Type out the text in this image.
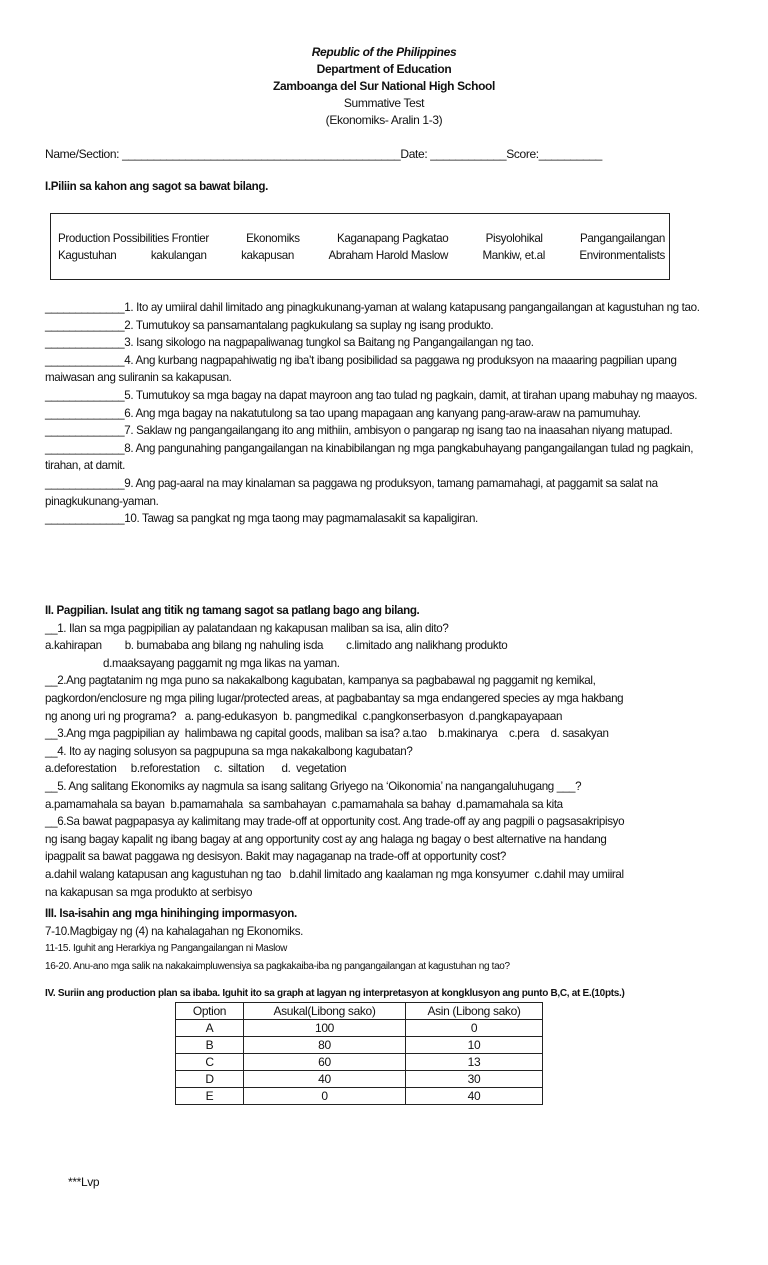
Republic of the Philippines
Department of Education
Zamboanga del Sur National High School
Summative Test
(Ekonomiks- Aralin 1-3)
Name/Section: ____________________________________________Date: ____________Score:__________
I.Piliin sa kahon ang sagot sa bawat bilang.
Production Possibilities Frontier	Ekonomiks	Kaganapang Pagkatao	Pisyolohikal	Pangangailangan
Kagustuhan	kakulangan	kakapusan	Abraham Harold Maslow	Mankiw, et.al	Environmentalists
_____________1. Ito ay umiiral dahil limitado ang pinagkukunang-yaman at walang katapusang pangangailangan at kagustuhan ng tao.
_____________2. Tumutukoy sa pansamantalang pagkukulang sa suplay ng isang produkto.
_____________3. Isang sikologo na nagpapaliwanag tungkol sa Baitang ng Pangangailangan ng tao.
_____________4. Ang kurbang nagpapahiwatig ng iba’t ibang posibilidad sa paggawa ng produksyon na maaaring pagpilian upang maiwasan ang suliranin sa kakapusan.
_____________5. Tumutukoy sa mga bagay na dapat mayroon ang tao tulad ng pagkain, damit, at tirahan upang mabuhay ng maayos.
_____________6. Ang mga bagay na nakatutulong sa tao upang mapagaan ang kanyang pang-araw-araw na pamumuhay.
_____________7. Saklaw ng pangangailangang ito ang mithiin, ambisyon o pangarap ng isang tao na inaasahan niyang matupad.
_____________8. Ang pangunahing pangangailangan na kinabibilangan ng mga pangkabuhayang pangangailangan tulad ng pagkain, tirahan, at damit.
_____________9. Ang pag-aaral na may kinalaman sa paggawa ng produksyon, tamang pamamahagi, at paggamit sa salat na pinagkukunang-yaman.
_____________10. Tawag sa pangkat ng mga taong may pagmamalasakit sa kapaligiran.
II. Pagpilian. Isulat ang titik ng tamang sagot sa patlang bago ang bilang.
__1. Ilan sa mga pagpipilian ay palatandaan ng kakapusan maliban sa isa, alin dito?
a.kahirapan        b. bumababa ang bilang ng nahuling isda        c.limitado ang nalikhang produkto
d.maaksayang paggamit ng mga likas na yaman.
__2.Ang pagtatanim ng mga puno sa nakakalbong kagubatan, kampanya sa pagbabawal ng paggamit ng kemikal,
pagkordon/enclosure ng mga piling lugar/protected areas, at pagbabantay sa mga endangered species ay mga hakbang
ng anong uri ng programa?   a. pang-edukasyon  b. pangmedikal  c.pangkonserbasyon  d.pangkapayapaan
__3.Ang mga pagpipilian ay  halimbawa ng capital goods, maliban sa isa? a.tao    b.makinarya    c.pera    d. sasakyan
__4. Ito ay naging solusyon sa pagpupuna sa mga nakakalbong kagubatan?
a.deforestation     b.reforestation     c.  siltation      d.  vegetation
__5. Ang salitang Ekonomiks ay nagmula sa isang salitang Griyego na ‘Oikonomia’ na nangangaluhugang ___?
a.pamamahala sa bayan  b.pamamahala  sa sambahayan  c.pamamahala sa bahay  d.pamamahala sa kita
__6.Sa bawat pagpapasya ay kalimitang may trade-off at opportunity cost. Ang trade-off ay ang pagpili o pagsasakripisyo
ng isang bagay kapalit ng ibang bagay at ang opportunity cost ay ang halaga ng bagay o best alternative na handang
ipagpalit sa bawat paggawa ng desisyon. Bakit may nagaganap na trade-off at opportunity cost?
a.dahil walang katapusan ang kagustuhan ng tao   b.dahil limitado ang kaalaman ng mga konsyumer  c.dahil may umiiral
na kakapusan sa mga produkto at serbisyo
III. Isa-isahin ang mga hinihinging impormasyon.
7-10.Magbigay ng (4) na kahalagahan ng Ekonomiks.
11-15. Iguhit ang Herarkiya ng Pangangailangan ni Maslow
16-20. Anu-ano mga salik na nakakaimpluwensiya sa pagkakaiba-iba ng pangangailangan at kagustuhan ng tao?
IV. Suriin ang production plan sa ibaba. Iguhit ito sa graph at lagyan ng interpretasyon at kongklusyon ang punto B,C, at E.(10pts.)
Option	Asukal(Libong sako)	Asin (Libong sako)
A	100	0
B	80	10
C	60	13
D	40	30
E	0	40
***Lvp
